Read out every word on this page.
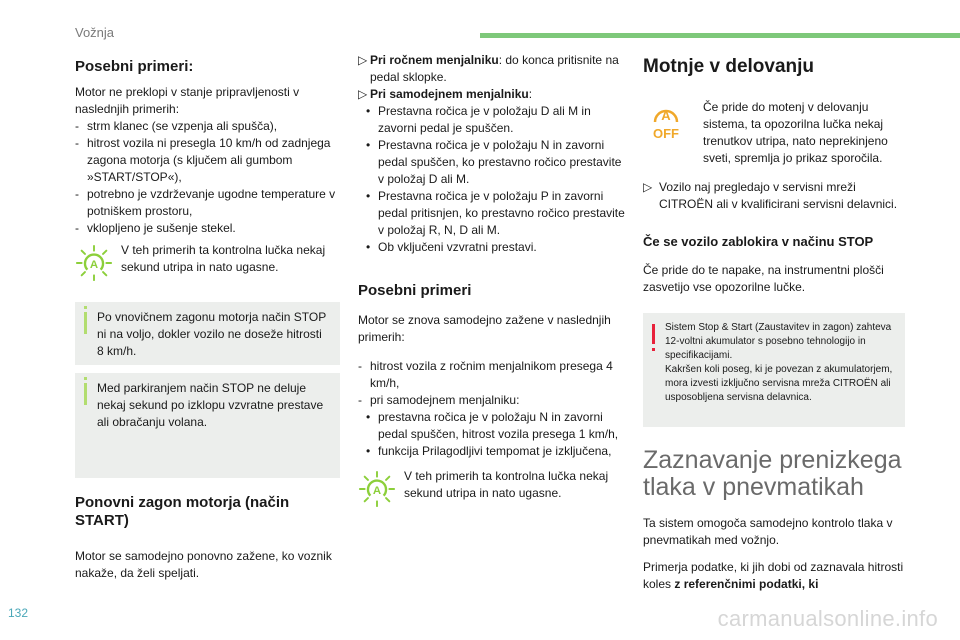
Vožnja
Posebni primeri:

Motor ne preklopi v stanje pripravljenosti v naslednjih primerih:

- strm klanec (se vzpenja ali spušča),
- hitrost vozila ni presegla 10 km/h od zadnjega zagona motorja (s ključem ali gumbom »START/STOP«),
- potrebno je vzdrževanje ugodne temperature v potniškem prostoru,
- vklopljeno je sušenje stekel.
A

V teh primerih ta kontrolna lučka nekaj sekund utripa in nato ugasne.

Po vnovičnem zagonu motorja način STOP ni na voljo, dokler vozilo ne doseže hitrosti 8 km/h.

Med parkiranjem način STOP ne deluje nekaj sekund po izklopu vzvratne prestave ali obračanju volana.

Ponovni zagon motorja (način START)

Motor se samodejno ponovno zažene, ko voznik nakaže, da želi speljati.

▷ Pri ročnem menjalniku: do konca pritisnite na pedal sklopke.
▷ Pri samodejnem menjalniku:
• Prestavna ročica je v položaju D ali M in zavorni pedal je spuščen.
• Prestavna ročica je v položaju N in zavorni pedal spuščen, ko prestavno ročico prestavite v položaj D ali M.
• Prestavna ročica je v položaju P in zavorni pedal pritisnjen, ko prestavno ročico prestavite v položaj R, N, D ali M.
• Ob vključeni vzvratni prestavi.
Posebni primeri

Motor se znova samodejno zažene v naslednjih primerih:

- hitrost vozila z ročnim menjalnikom presega 4 km/h,
- pri samodejnem menjalniku:
• prestavna ročica je v položaju N in zavorni pedal spuščen, hitrost vozila presega 1 km/h,
• funkcija Prilagodljivi tempomat je izključena,
A

V teh primerih ta kontrolna lučka nekaj sekund utripa in nato ugasne.

Motnje v delovanju
A
OFF

Če pride do motenj v delovanju sistema, ta opozorilna lučka nekaj trenutkov utripa, nato neprekinjeno sveti, spremlja jo prikaz sporočila.

▷ Vozilo naj pregledajo v servisni mreži CITROËN ali v kvalificirani servisni delavnici.
Če se vozilo zablokira v načinu STOP

Če pride do te napake, na instrumentni plošči zasvetijo vse opozorilne lučke.

Sistem Stop & Start (Zaustavitev in zagon) zahteva 12-voltni akumulator s posebno tehnologijo in specifikacijami.

Kakršen koli poseg, ki je povezan z akumulatorjem, mora izvesti izključno servisna mreža CITROËN ali usposobljena servisna delavnica.

Zaznavanje prenizkega tlaka v pnevmatikah

Ta sistem omogoča samodejno kontrolo tlaka v pnevmatikah med vožnjo.

Primerja podatke, ki jih dobi od zaznavala hitrosti koles z referenčnimi podatki, ki

132	carmanualsonline.info
